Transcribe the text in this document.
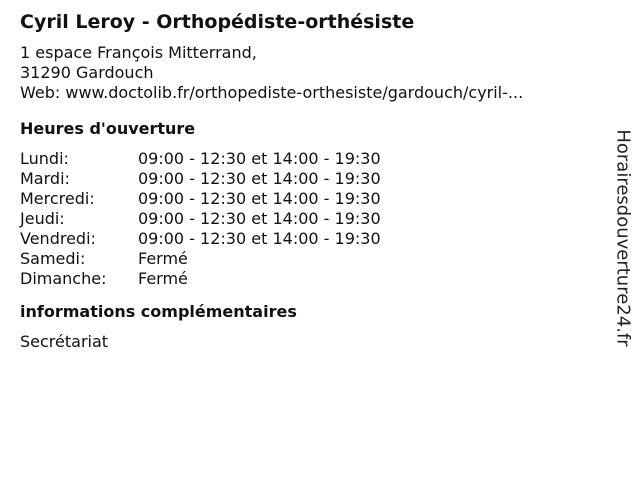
Cyril Leroy - Orthopédiste-orthésiste
1 espace François Mitterrand,
31290 Gardouch
Web: www.doctolib.fr/orthopediste-orthesiste/gardouch/cyril-...
Heures d'ouverture
Lundi:	09:00 - 12:30 et 14:00 - 19:30
Mardi:	09:00 - 12:30 et 14:00 - 19:30
Mercredi:	09:00 - 12:30 et 14:00 - 19:30
Jeudi:	09:00 - 12:30 et 14:00 - 19:30
Vendredi:	09:00 - 12:30 et 14:00 - 19:30
Samedi:	Fermé
Dimanche:	Fermé
informations complémentaires
Secrétariat	Horairesdouverture24.fr
